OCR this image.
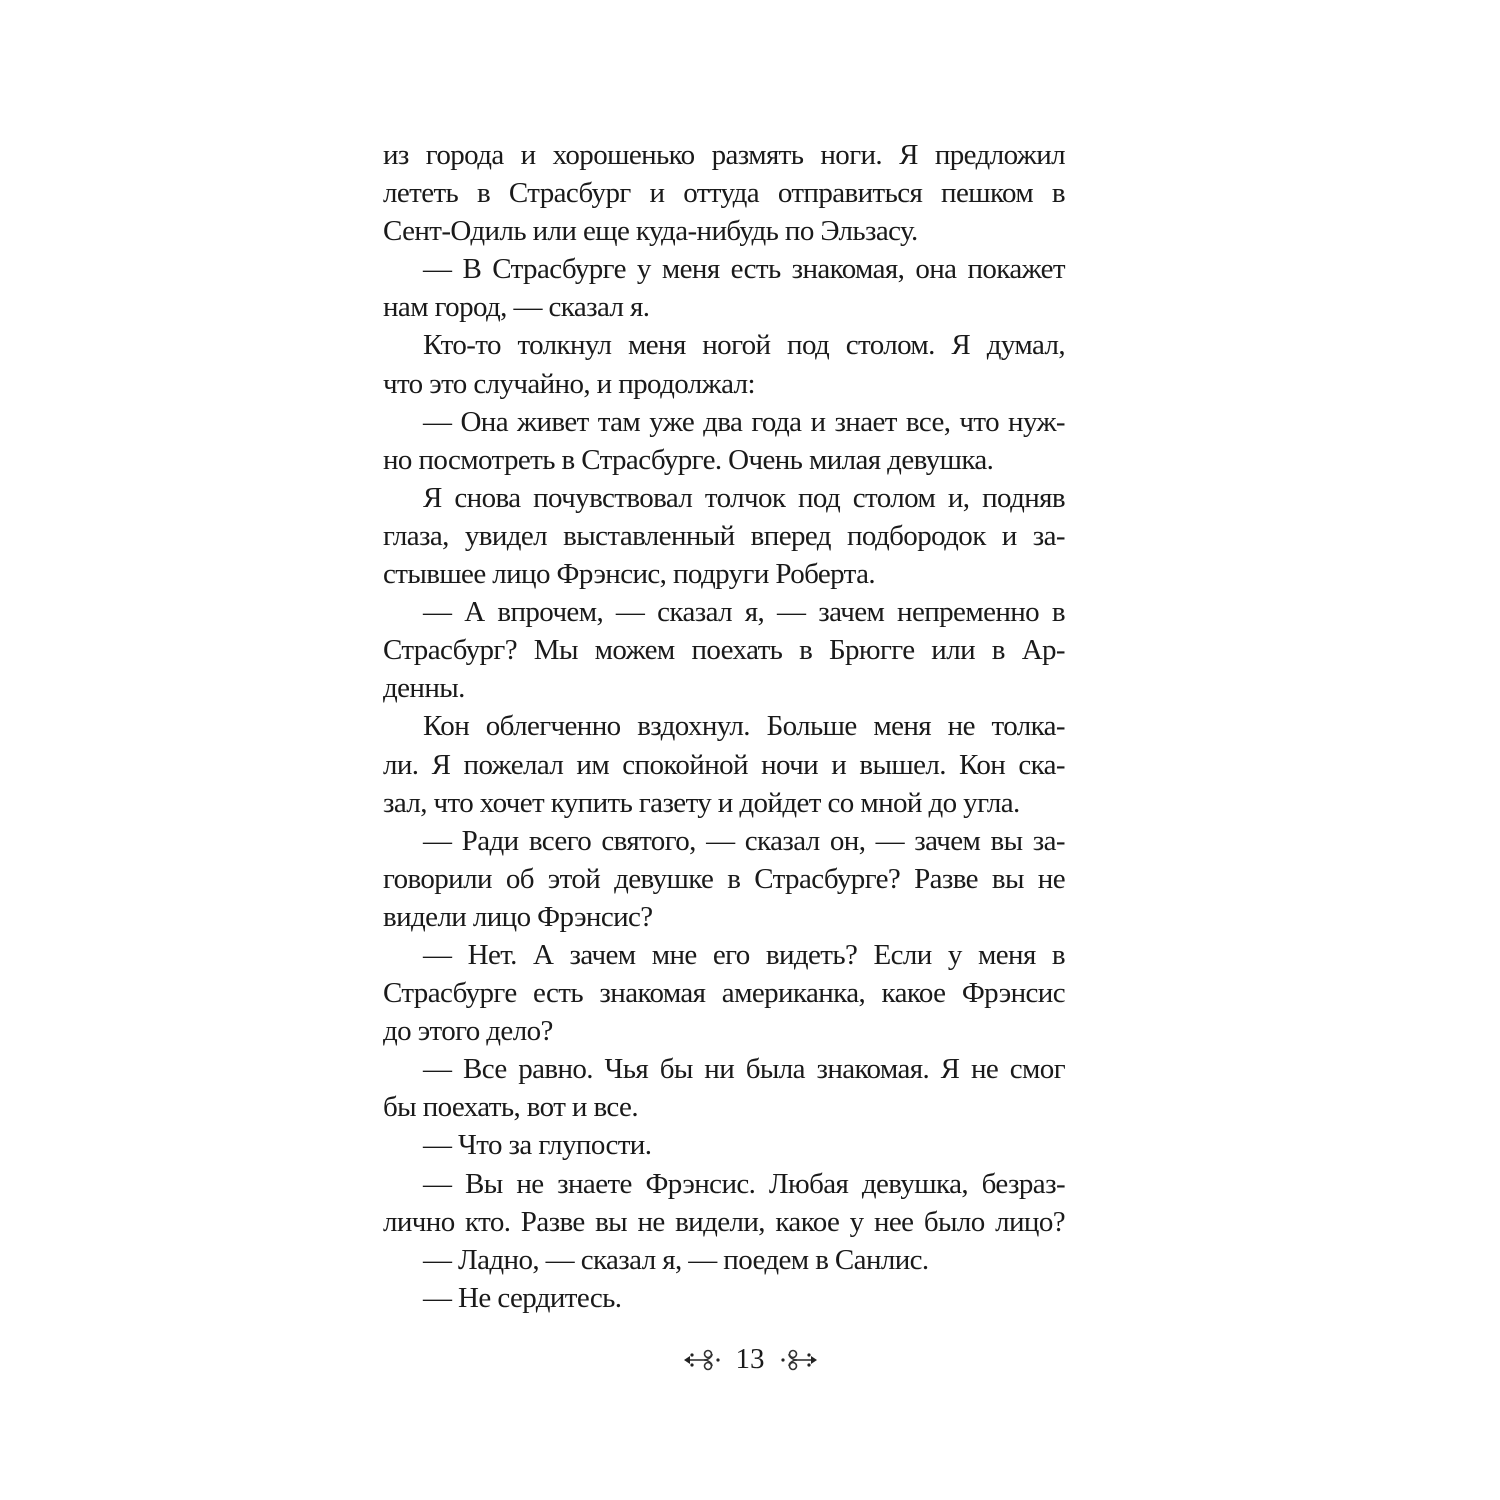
из города и хорошенько размять ноги. Я предложил
лететь в Страсбург и оттуда отправиться пешком в
Сент-Одиль или еще куда-нибудь по Эльзасу.
— В Страсбурге у меня есть знакомая, она покажет
нам город, — сказал я.
Кто-то толкнул меня ногой под столом. Я думал,
что это случайно, и продолжал:
— Она живет там уже два года и знает все, что нуж-
но посмотреть в Страсбурге. Очень милая девушка.
Я снова почувствовал толчок под столом и, подняв
глаза, увидел выставленный вперед подбородок и за-
стывшее лицо Фрэнсис, подруги Роберта.
— А впрочем, — сказал я, — зачем непременно в
Страсбург? Мы можем поехать в Брюгге или в Ар-
денны.
Кон облегченно вздохнул. Больше меня не толка-
ли. Я пожелал им спокойной ночи и вышел. Кон ска-
зал, что хочет купить газету и дойдет со мной до угла.
— Ради всего святого, — сказал он, — зачем вы за-
говорили об этой девушке в Страсбурге? Разве вы не
видели лицо Фрэнсис?
— Нет. А зачем мне его видеть? Если у меня в
Страсбурге есть знакомая американка, какое Фрэнсис
до этого дело?
— Все равно. Чья бы ни была знакомая. Я не смог
бы поехать, вот и все.
— Что за глупости.
— Вы не знаете Фрэнсис. Любая девушка, безраз-
лично кто. Разве вы не видели, какое у нее было лицо?
— Ладно, — сказал я, — поедем в Санлис.
— Не сердитесь.
13
